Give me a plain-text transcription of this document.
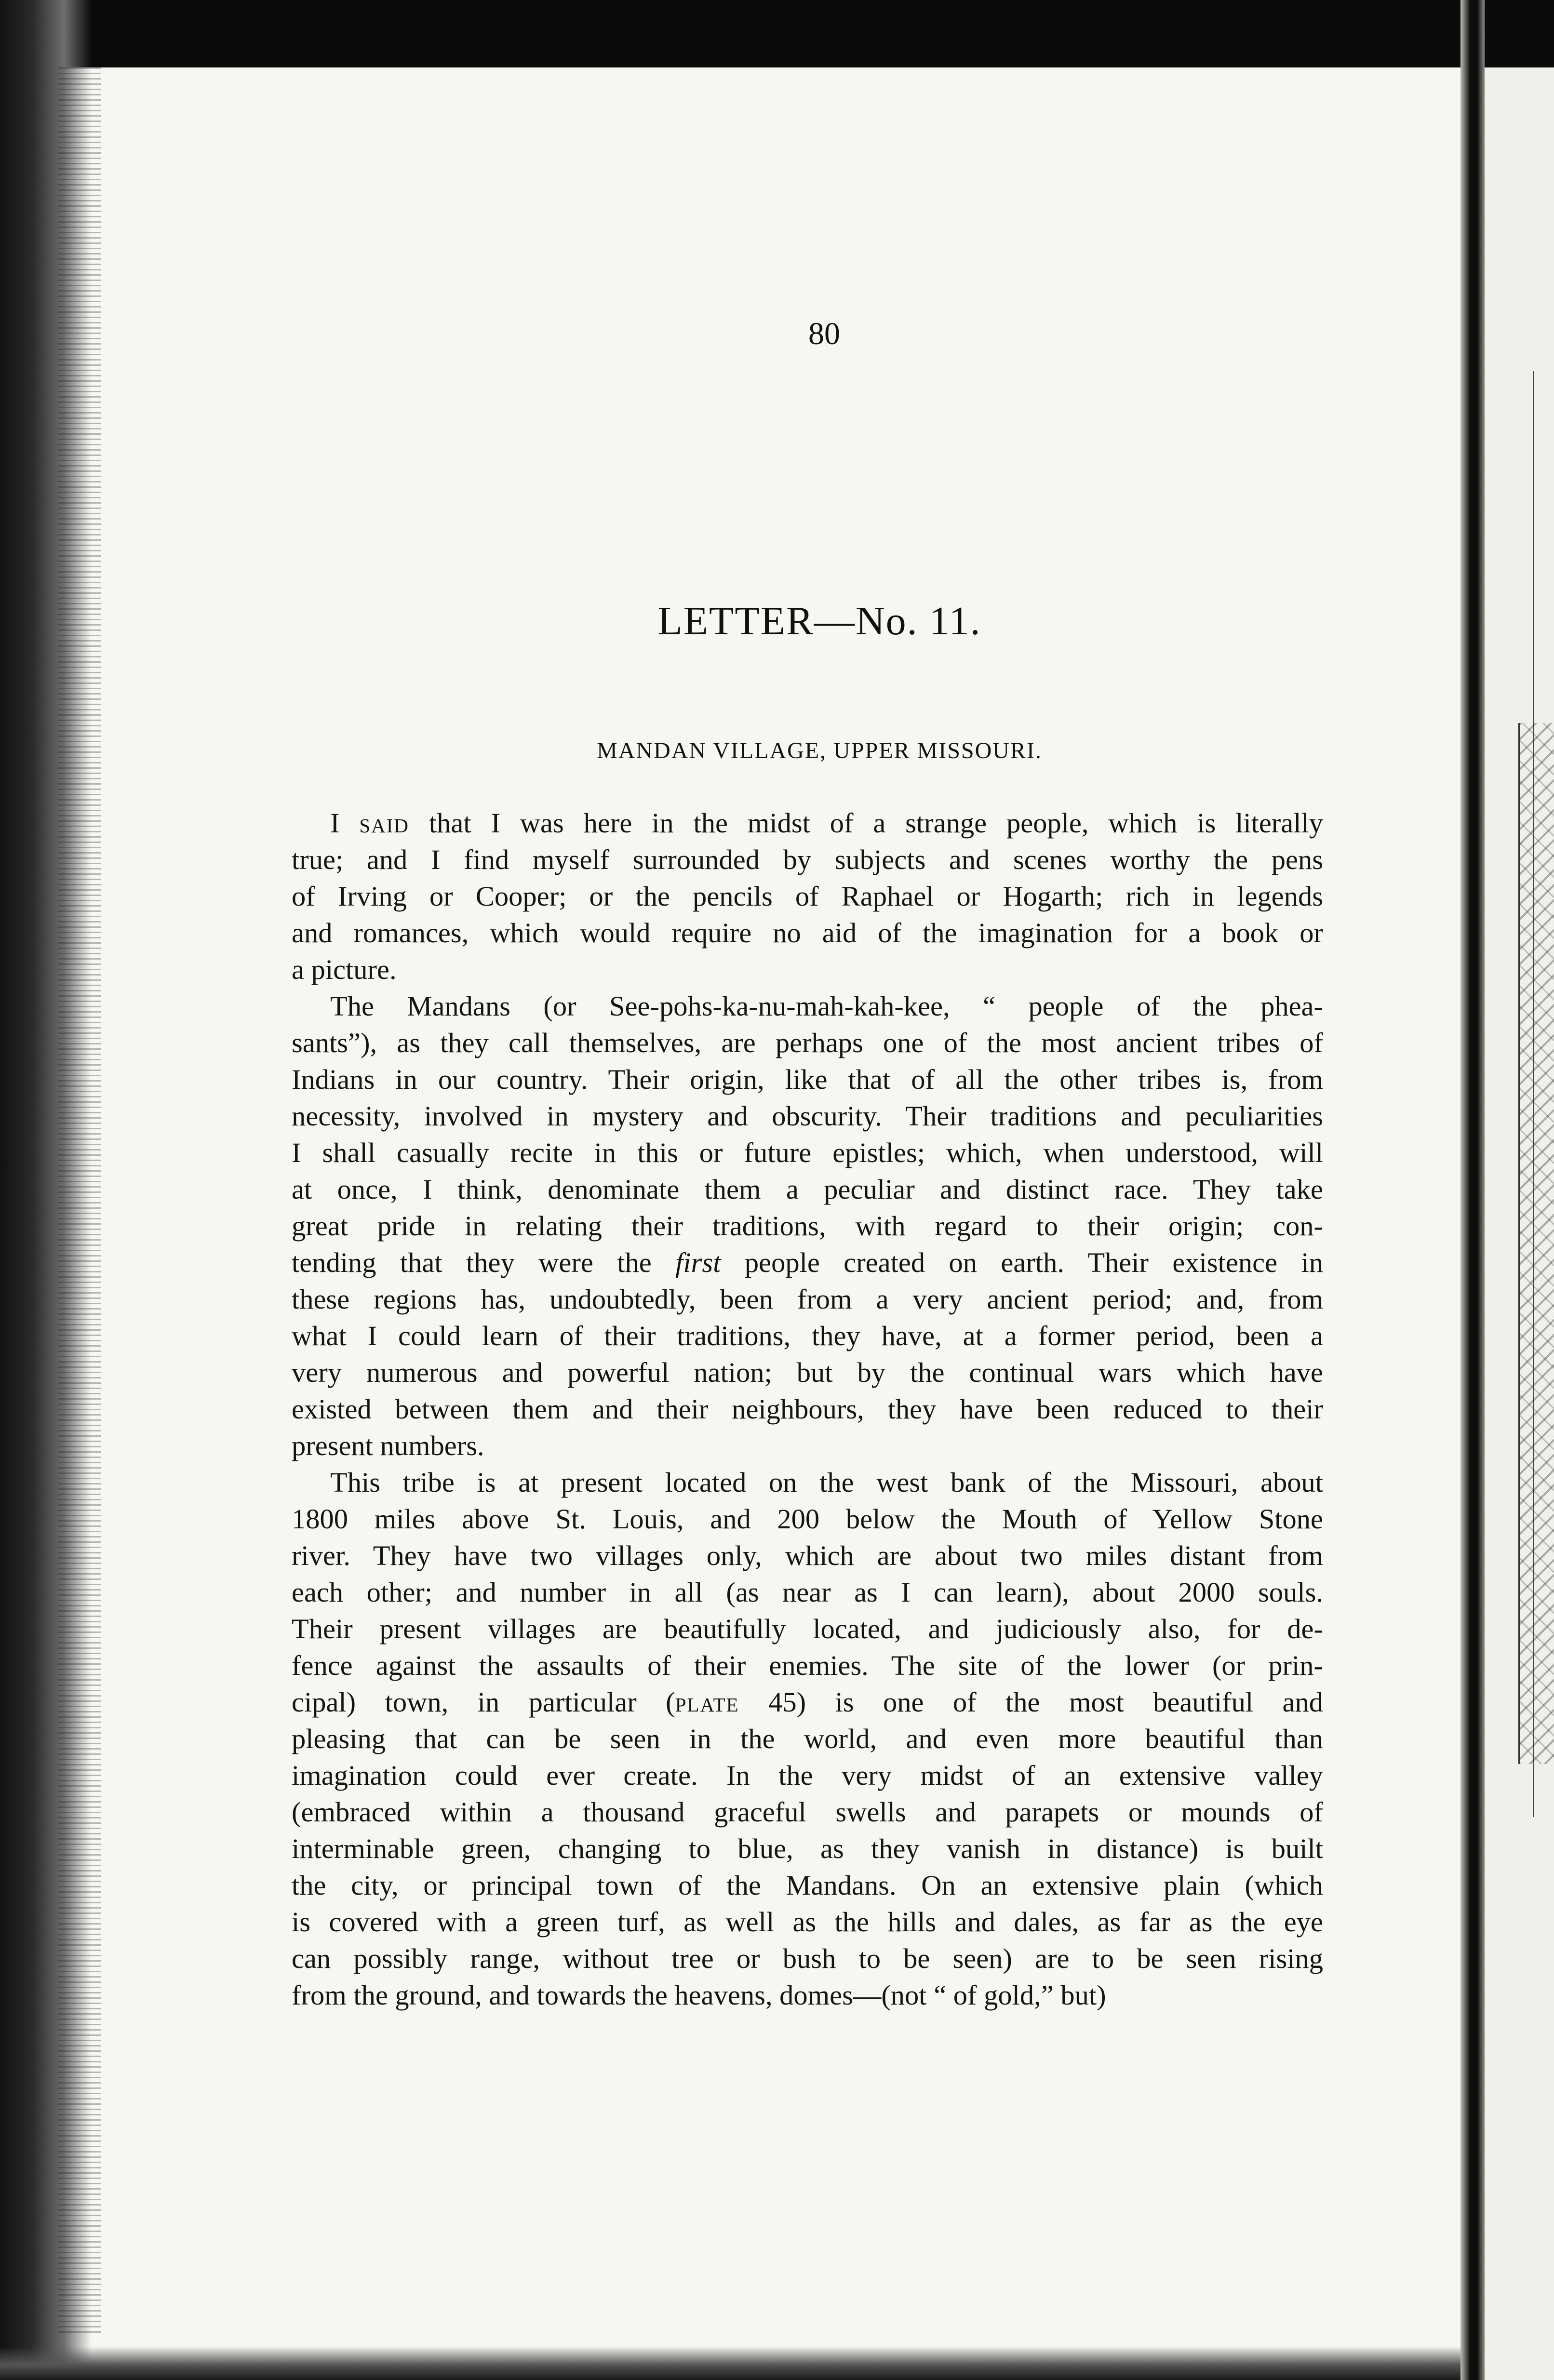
80
LETTER—No. 11.
MANDAN VILLAGE, UPPER MISSOURI.
I said that I was here in the midst of a strange people, which is literally
true; and I find myself surrounded by subjects and scenes worthy the pens
of Irving or Cooper; or the pencils of Raphael or Hogarth; rich in legends
and romances, which would require no aid of the imagination for a book or
a picture.
The Mandans (or See-pohs-ka-nu-mah-kah-kee, “ people of the phea-
sants”), as they call themselves, are perhaps one of the most ancient tribes of
Indians in our country. Their origin, like that of all the other tribes is, from
necessity, involved in mystery and obscurity. Their traditions and peculiarities
I shall casually recite in this or future epistles; which, when understood, will
at once, I think, denominate them a peculiar and distinct race. They take
great pride in relating their traditions, with regard to their origin; con-
tending that they were the first people created on earth. Their existence in
these regions has, undoubtedly, been from a very ancient period; and, from
what I could learn of their traditions, they have, at a former period, been a
very numerous and powerful nation; but by the continual wars which have
existed between them and their neighbours, they have been reduced to their
present numbers.
This tribe is at present located on the west bank of the Missouri, about
1800 miles above St. Louis, and 200 below the Mouth of Yellow Stone
river. They have two villages only, which are about two miles distant from
each other; and number in all (as near as I can learn), about 2000 souls.
Their present villages are beautifully located, and judiciously also, for de-
fence against the assaults of their enemies. The site of the lower (or prin-
cipal) town, in particular (plate 45) is one of the most beautiful and
pleasing that can be seen in the world, and even more beautiful than
imagination could ever create. In the very midst of an extensive valley
(embraced within a thousand graceful swells and parapets or mounds of
interminable green, changing to blue, as they vanish in distance) is built
the city, or principal town of the Mandans. On an extensive plain (which
is covered with a green turf, as well as the hills and dales, as far as the eye
can possibly range, without tree or bush to be seen) are to be seen rising
from the ground, and towards the heavens, domes—(not “ of gold,” but)
